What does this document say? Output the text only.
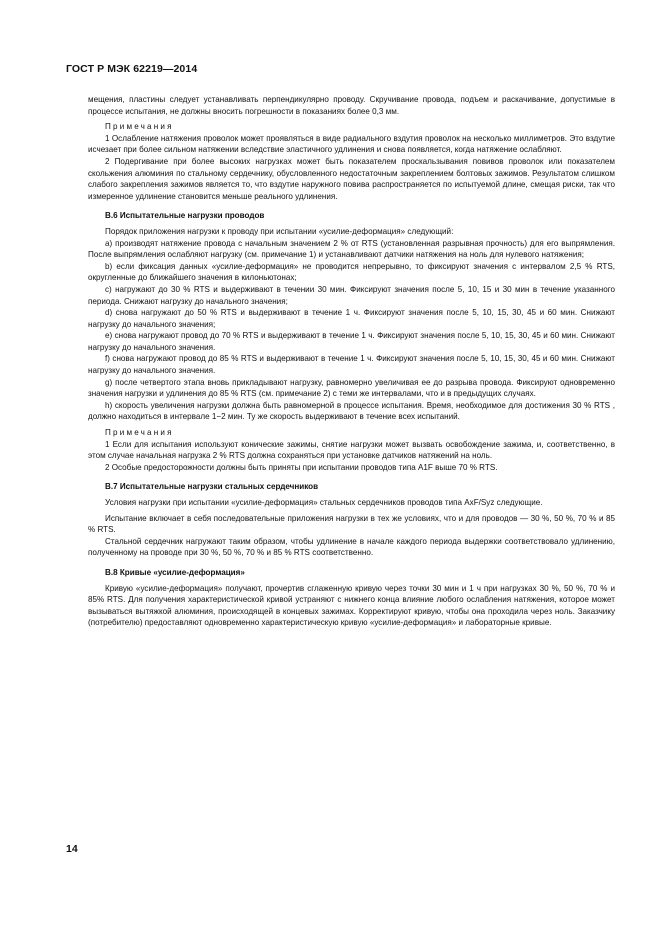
ГОСТ Р МЭК 62219—2014

мещения, пластины следует устанавливать перпендикулярно проводу. Скручивание провода, подъем и раскачивание, допустимые в процессе испытания, не должны вносить погрешности в показаниях более 0,3 мм.

Примечания

1 Ослабление натяжения проволок может проявляться в виде радиального вздутия проволок на несколько миллиметров. Это вздутие исчезает при более сильном натяжении вследствие эластичного удлинения и снова появляется, когда натяжение ослабляют.

2 Подергивание при более высоких нагрузках может быть показателем проскальзывания повивов проволок или показателем скольжения алюминия по стальному сердечнику, обусловленного недостаточным закреплением болтовых зажимов. Результатом слишком слабого закрепления зажимов является то, что вздутие наружного повива распространяется по испытуемой длине, смещая риски, так что измеренное удлинение становится меньше реального удлинения.

В.6 Испытательные нагрузки проводов

Порядок приложения нагрузки к проводу при испытании «усилие-деформация» следующий:

а) производят натяжение провода с начальным значением 2 % от RTS (установленная разрывная прочность) для его выпрямления. После выпрямления ослабляют нагрузку (см. примечание 1) и устанавливают датчики натяжения на ноль для нулевого натяжения;

b) если фиксация данных «усилие-деформация» не проводится непрерывно, то фиксируют значения с интервалом 2,5 % RTS, округленные до ближайшего значения в килоньютонах;

c) нагружают до 30 % RTS и выдерживают в течении 30 мин. Фиксируют значения после 5, 10, 15 и 30 мин в течение указанного периода. Снижают нагрузку до начального значения;

d) снова нагружают до 50 % RTS и выдерживают в течение 1 ч. Фиксируют значения после 5, 10, 15, 30, 45 и 60 мин. Снижают нагрузку до начального значения;

e) снова нагружают провод до 70 % RTS и выдерживают в течение 1 ч. Фиксируют значения после 5, 10, 15, 30, 45 и 60 мин. Снижают нагрузку до начального значения.

f) снова нагружают провод до 85 % RTS и выдерживают в течение 1 ч. Фиксируют значения после 5, 10, 15, 30, 45 и 60 мин. Снижают нагрузку до начального значения.

g) после четвертого этапа вновь прикладывают нагрузку, равномерно увеличивая ее до разрыва провода. Фиксируют одновременно значения нагрузки и удлинения до 85 % RTS (см. примечание 2) с теми же интервалами, что и в предыдущих случаях.

h) скорость увеличения нагрузки должна быть равномерной в процессе испытания. Время, необходимое для достижения 30 % RTS , должно находиться в интервале 1−2 мин. Ту же скорость выдерживают в течение всех испытаний.

Примечания

1 Если для испытания используют конические зажимы, снятие нагрузки может вызвать освобождение зажима, и, соответственно, в этом случае начальная нагрузка 2 % RTS должна сохраняться при установке датчиков натяжений на ноль.

2 Особые предосторожности должны быть приняты при испытании проводов типа A1F выше 70 % RTS.

В.7 Испытательные нагрузки стальных сердечников

Условия нагрузки при испытании «усилие-деформация» стальных сердечников проводов типа AxF/Syz следующие.

Испытание включает в себя последовательные приложения нагрузки в тех же условиях, что и для проводов — 30 %, 50 %, 70 % и 85 % RTS.

Стальной сердечник нагружают таким образом, чтобы удлинение в начале каждого периода выдержки соответствовало удлинению, полученному на проводе при 30 %, 50 %, 70 % и 85 % RTS соответственно.

В.8 Кривые «усилие-деформация»

Кривую «усилие-деформация» получают, прочертив сглаженную кривую через точки 30 мин и 1 ч при нагрузках 30 %, 50 %, 70 % и 85% RTS. Для получения характеристической кривой устраняют с нижнего конца влияние любого ослабления натяжения, которое может вызываться вытяжкой алюминия, происходящей в концевых зажимах. Корректируют кривую, чтобы она проходила через ноль. Заказчику (потребителю) предоставляют одновременно характеристическую кривую «усилие-деформация» и лабораторные кривые.

14
